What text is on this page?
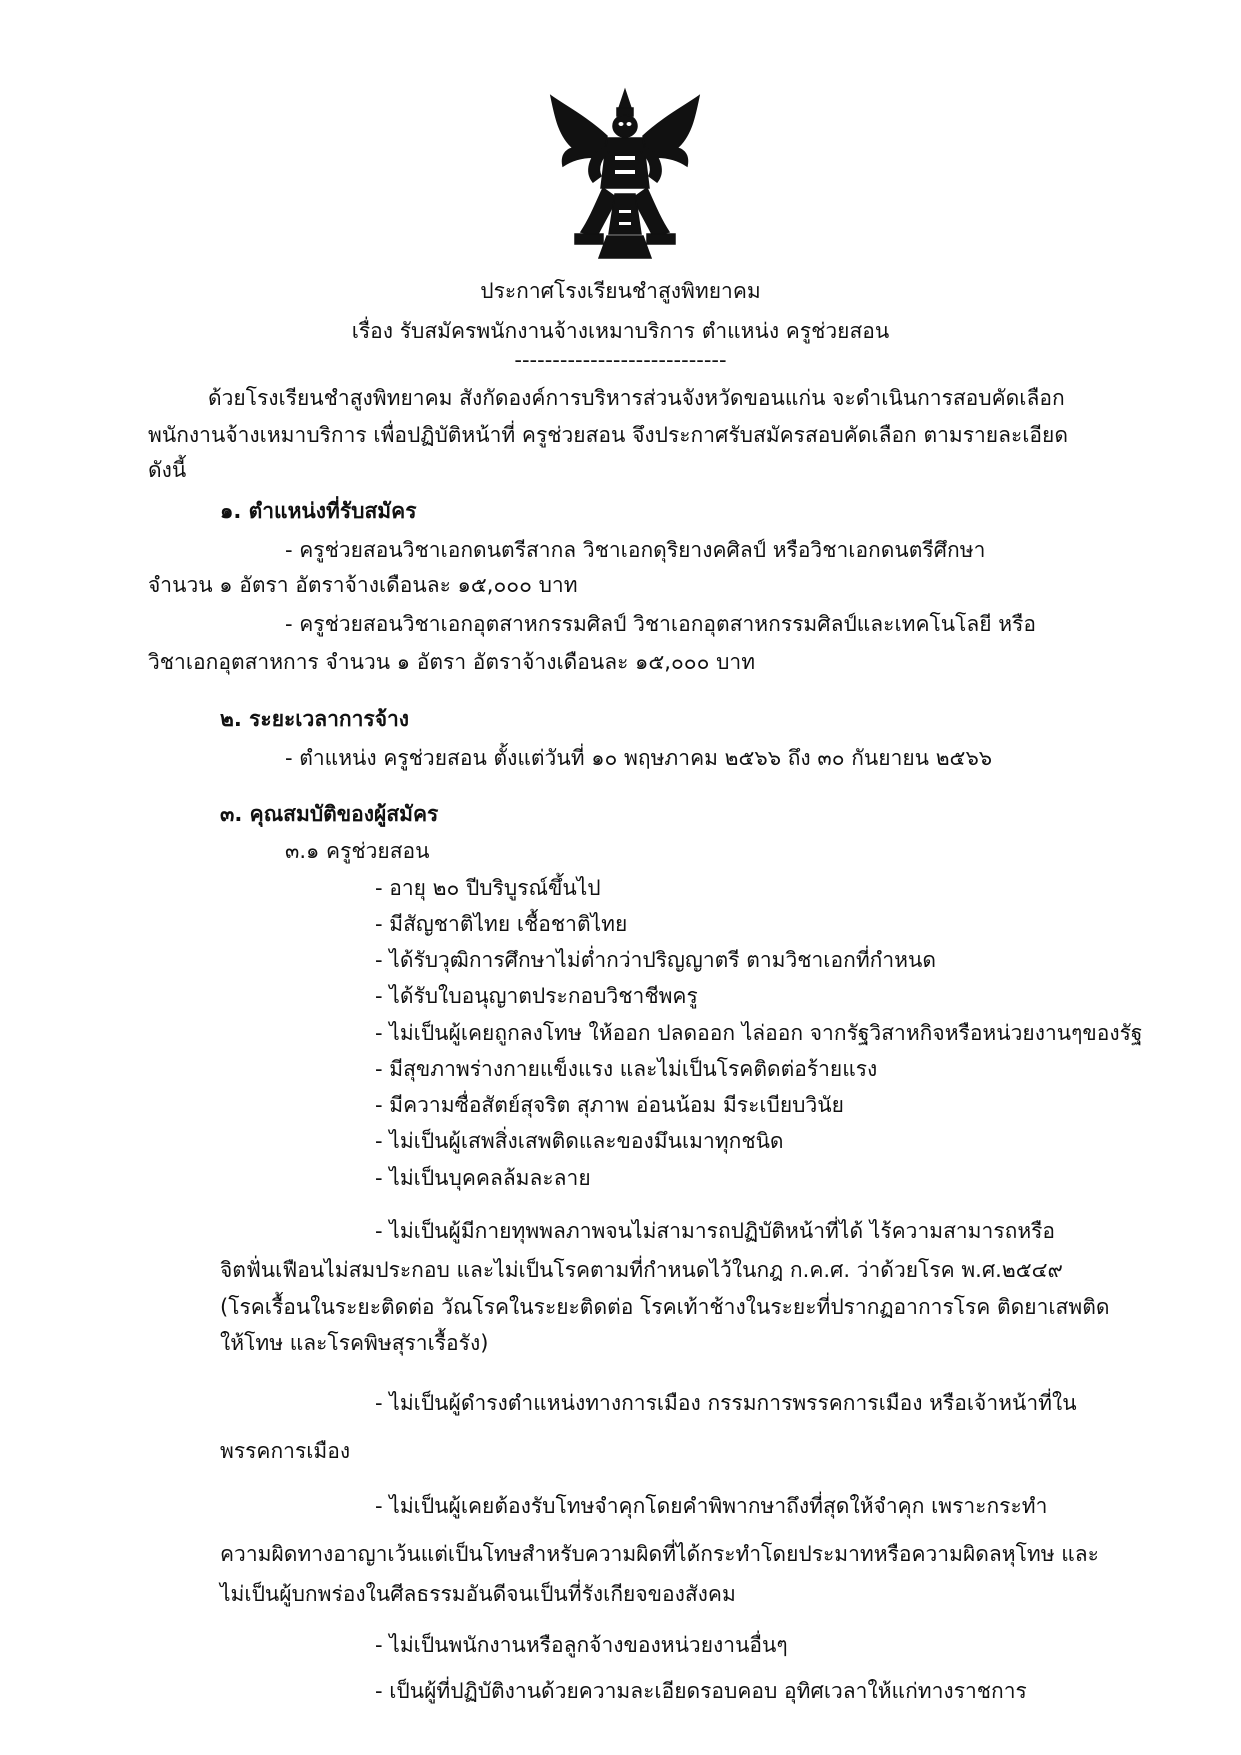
ประกาศโรงเรียนชำสูงพิทยาคม
เรื่อง รับสมัครพนักงานจ้างเหมาบริการ ตำแหน่ง ครูช่วยสอน
----------------------------
ด้วยโรงเรียนชำสูงพิทยาคม สังกัดองค์การบริหารส่วนจังหวัดขอนแก่น จะดำเนินการสอบคัดเลือก
พนักงานจ้างเหมาบริการ เพื่อปฏิบัติหน้าที่ ครูช่วยสอน จึงประกาศรับสมัครสอบคัดเลือก ตามรายละเอียด
ดังนี้
๑. ตำแหน่งที่รับสมัคร
- ครูช่วยสอนวิชาเอกดนตรีสากล วิชาเอกดุริยางคศิลป์ หรือวิชาเอกดนตรีศึกษา
จำนวน ๑ อัตรา อัตราจ้างเดือนละ ๑๕,๐๐๐ บาท
- ครูช่วยสอนวิชาเอกอุตสาหกรรมศิลป์ วิชาเอกอุตสาหกรรมศิลป์และเทคโนโลยี หรือ
วิชาเอกอุตสาหการ จำนวน ๑ อัตรา อัตราจ้างเดือนละ ๑๕,๐๐๐ บาท
๒. ระยะเวลาการจ้าง
- ตำแหน่ง ครูช่วยสอน ตั้งแต่วันที่ ๑๐ พฤษภาคม ๒๕๖๖ ถึง ๓๐ กันยายน ๒๕๖๖
๓. คุณสมบัติของผู้สมัคร
๓.๑ ครูช่วยสอน
- อายุ ๒๐ ปีบริบูรณ์ขึ้นไป
- มีสัญชาติไทย เชื้อชาติไทย
- ได้รับวุฒิการศึกษาไม่ต่ำกว่าปริญญาตรี ตามวิชาเอกที่กำหนด
- ได้รับใบอนุญาตประกอบวิชาชีพครู
- ไม่เป็นผู้เคยถูกลงโทษ ให้ออก ปลดออก ไล่ออก จากรัฐวิสาหกิจหรือหน่วยงานๆของรัฐ
- มีสุขภาพร่างกายแข็งแรง และไม่เป็นโรคติดต่อร้ายแรง
- มีความซื่อสัตย์สุจริต สุภาพ อ่อนน้อม มีระเบียบวินัย
- ไม่เป็นผู้เสพสิ่งเสพติดและของมึนเมาทุกชนิด
- ไม่เป็นบุคคลล้มละลาย
- ไม่เป็นผู้มีกายทุพพลภาพจนไม่สามารถปฏิบัติหน้าที่ได้ ไร้ความสามารถหรือ
จิตฟั่นเฟือนไม่สมประกอบ และไม่เป็นโรคตามที่กำหนดไว้ในกฎ ก.ค.ศ. ว่าด้วยโรค พ.ศ.๒๕๔๙
(โรคเรื้อนในระยะติดต่อ วัณโรคในระยะติดต่อ โรคเท้าช้างในระยะที่ปรากฏอาการโรค ติดยาเสพติด
ให้โทษ และโรคพิษสุราเรื้อรัง)
- ไม่เป็นผู้ดำรงตำแหน่งทางการเมือง กรรมการพรรคการเมือง หรือเจ้าหน้าที่ใน
พรรคการเมือง
- ไม่เป็นผู้เคยต้องรับโทษจำคุกโดยคำพิพากษาถึงที่สุดให้จำคุก เพราะกระทำ
ความผิดทางอาญาเว้นแต่เป็นโทษสำหรับความผิดที่ได้กระทำโดยประมาทหรือความผิดลหุโทษ และ
ไม่เป็นผู้บกพร่องในศีลธรรมอันดีจนเป็นที่รังเกียจของสังคม
- ไม่เป็นพนักงานหรือลูกจ้างของหน่วยงานอื่นๆ
- เป็นผู้ที่ปฏิบัติงานด้วยความละเอียดรอบคอบ อุทิศเวลาให้แก่ทางราชการ
